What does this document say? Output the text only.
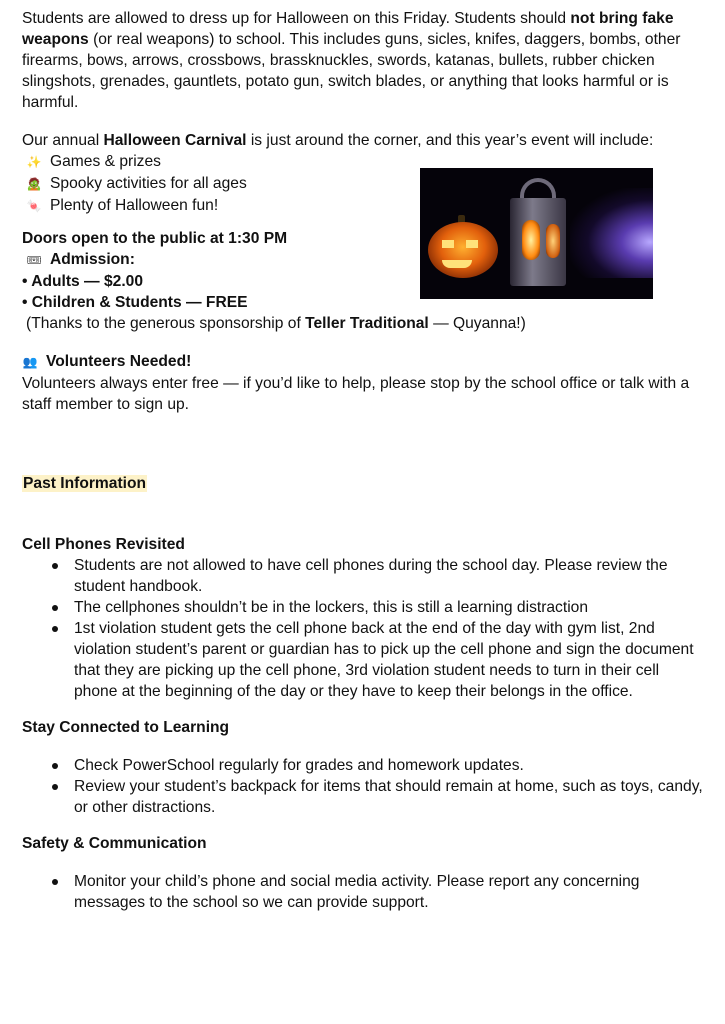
Students are allowed to dress up for Halloween on this Friday. Students should not bring fake weapons (or real weapons) to school. This includes guns, sicles, knifes, daggers, bombs, other firearms, bows, arrows, crossbows, brassknuckles, swords, katanas, bullets, rubber chicken slingshots, grenades, gauntlets, potato gun, switch blades, or anything that looks harmful or is harmful.

Our annual Halloween Carnival is just around the corner, and this year’s event will include:

✨ Games & prizes
🧟 Spooky activities for all ages
🍬 Plenty of Halloween fun!

Doors open to the public at 1:30 PM

🎟 Admission:

• Adults — $2.00

• Children & Students — FREE

(Thanks to the generous sponsorship of Teller Traditional — Quyanna!)

👥 Volunteers Needed!

Volunteers always enter free — if you’d like to help, please stop by the school office or talk with a staff member to sign up.

Past Information

Cell Phones Revisited
Students are not allowed to have cell phones during the school day. Please review the student handbook.
The cellphones shouldn’t be in the lockers, this is still a learning distraction
1st violation student gets the cell phone back at the end of the day with gym list, 2nd violation student’s parent or guardian has to pick up the cell phone and sign the document that they are picking up the cell phone, 3rd violation student needs to turn in their cell phone at the beginning of the day or they have to keep their belongs in the office.
Stay Connected to Learning
Check PowerSchool regularly for grades and homework updates.
Review your student’s backpack for items that should remain at home, such as toys, candy, or other distractions.
Safety & Communication
Monitor your child’s phone and social media activity. Please report any concerning messages to the school so we can provide support.
